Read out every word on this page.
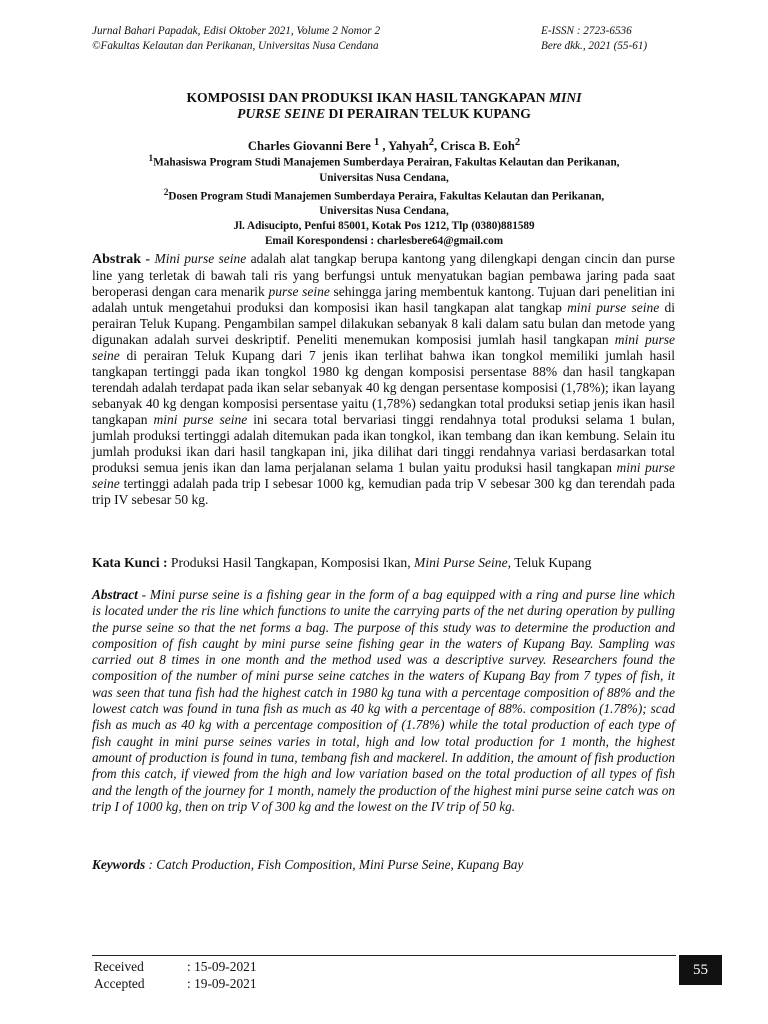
Jurnal Bahari Papadak, Edisi Oktober 2021, Volume 2 Nomor 2	E-ISSN : 2723-6536
©Fakultas Kelautan dan Perikanan, Universitas Nusa Cendana	Bere dkk., 2021 (55-61)
KOMPOSISI DAN PRODUKSI IKAN HASIL TANGKAPAN MINI
PURSE SEINE DI PERAIRAN TELUK KUPANG
Charles Giovanni Bere $^1$ , Yahyah$^2$, Crisca B. Eoh$^2$
$^1$Mahasiswa Program Studi Manajemen Sumberdaya Perairan, Fakultas Kelautan dan Perikanan,
Universitas Nusa Cendana,
$^2$Dosen Program Studi Manajemen Sumberdaya Peraira, Fakultas Kelautan dan Perikanan,
Universitas Nusa Cendana,
Jl. Adisucipto, Penfui 85001, Kotak Pos 1212, Tlp (0380)881589
Email Korespondensi : charlesbere64@gmail.com

Abstrak - Mini purse seine adalah alat tangkap berupa kantong yang dilengkapi dengan cincin dan purse line yang terletak di bawah tali ris yang berfungsi untuk menyatukan bagian pembawa jaring pada saat beroperasi dengan cara menarik purse seine sehingga jaring membentuk kantong. Tujuan dari penelitian ini adalah untuk mengetahui produksi dan komposisi ikan hasil tangkapan alat tangkap mini purse seine di perairan Teluk Kupang. Pengambilan sampel dilakukan sebanyak 8 kali dalam satu bulan dan metode yang digunakan adalah survei deskriptif. Peneliti menemukan komposisi jumlah hasil tangkapan mini purse seine di perairan Teluk Kupang dari 7 jenis ikan terlihat bahwa ikan tongkol memiliki jumlah hasil tangkapan tertinggi pada ikan tongkol 1980 kg dengan komposisi persentase 88% dan hasil tangkapan terendah adalah terdapat pada ikan selar sebanyak 40 kg dengan persentase komposisi (1,78%); ikan layang sebanyak 40 kg dengan komposisi persentase yaitu (1,78%) sedangkan total produksi setiap jenis ikan hasil tangkapan mini purse seine ini secara total bervariasi tinggi rendahnya total produksi selama 1 bulan, jumlah produksi tertinggi adalah ditemukan pada ikan tongkol, ikan tembang dan ikan kembung. Selain itu jumlah produksi ikan dari hasil tangkapan ini, jika dilihat dari tinggi rendahnya variasi berdasarkan total produksi semua jenis ikan dan lama perjalanan selama 1 bulan yaitu produksi hasil tangkapan mini purse seine tertinggi adalah pada trip I sebesar 1000 kg, kemudian pada trip V sebesar 300 kg dan terendah pada trip IV sebesar 50 kg.

Kata Kunci : Produksi Hasil Tangkapan, Komposisi Ikan, Mini Purse Seine, Teluk Kupang

Abstract - Mini purse seine is a fishing gear in the form of a bag equipped with a ring and purse line which is located under the ris line which functions to unite the carrying parts of the net during operation by pulling the purse seine so that the net forms a bag. The purpose of this study was to determine the production and composition of fish caught by mini purse seine fishing gear in the waters of Kupang Bay. Sampling was carried out 8 times in one month and the method used was a descriptive survey. Researchers found the composition of the number of mini purse seine catches in the waters of Kupang Bay from 7 types of fish, it was seen that tuna fish had the highest catch in 1980 kg tuna with a percentage composition of 88% and the lowest catch was found in tuna fish as much as 40 kg with a percentage of 88%. composition (1.78%); scad fish as much as 40 kg with a percentage composition of (1.78%) while the total production of each type of fish caught in mini purse seines varies in total, high and low total production for 1 month, the highest amount of production is found in tuna, tembang fish and mackerel. In addition, the amount of fish production from this catch, if viewed from the high and low variation based on the total production of all types of fish and the length of the journey for 1 month, namely the production of the highest mini purse seine catch was on trip I of 1000 kg, then on trip V of 300 kg and the lowest on the IV trip of 50 kg.

Keywords : Catch Production, Fish Composition, Mini Purse Seine, Kupang Bay

Received	: 15-09-2021
Accepted	: 19-09-2021
55
